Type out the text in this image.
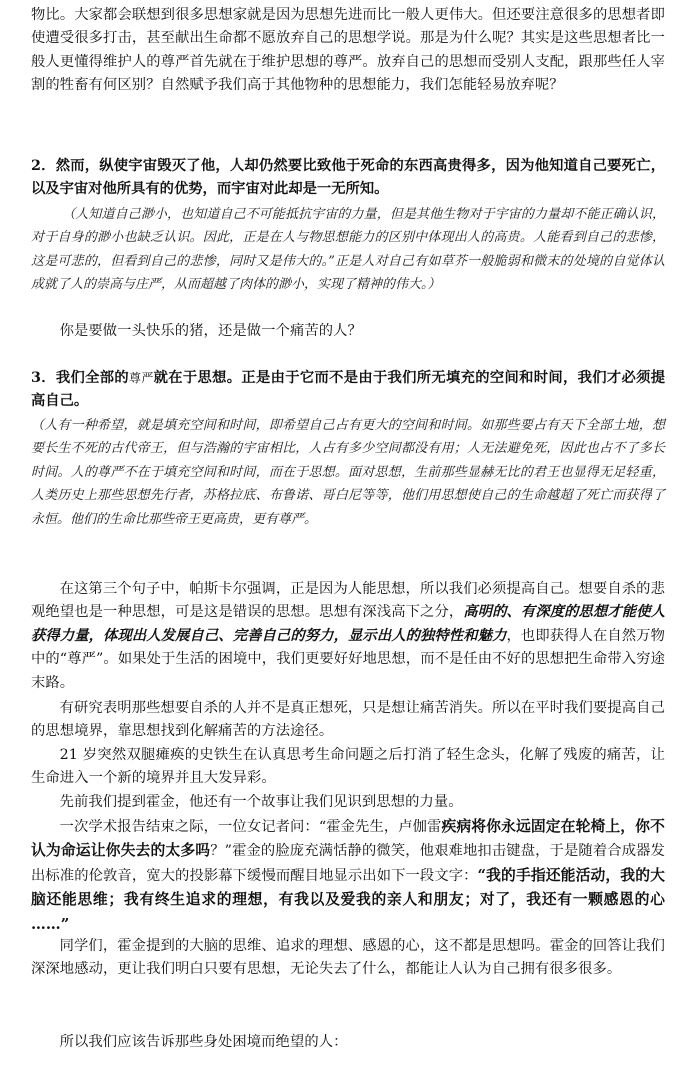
物比。大家都会联想到很多思想家就是因为思想先进而比一般人更伟大。但还要注意很多的思想者即使遭受很多打击，甚至献出生命都不愿放弃自己的思想学说。那是为什么呢？其实是这些思想者比一般人更懂得维护人的尊严首先就在于维护思想的尊严。放弃自己的思想而受别人支配，跟那些任人宰割的牲畜有何区别？自然赋予我们高于其他物种的思想能力，我们怎能轻易放弃呢？

2．然而，纵使宇宙毁灭了他，人却仍然要比致他于死命的东西高贵得多，因为他知道自己要死亡，以及宇宙对他所具有的优势，而宇宙对此却是一无所知。

（人知道自己渺小，也知道自己不可能抵抗宇宙的力量，但是其他生物对于宇宙的力量却不能正确认识，对于自身的渺小也缺乏认识。因此，正是在人与物思想能力的区别中体现出人的高贵。人能看到自己的悲惨，这是可悲的，但看到自己的悲惨，同时又是伟大的。”正是人对自己有如草芥一般脆弱和微末的处境的自觉体认成就了人的崇高与庄严，从而超越了肉体的渺小，实现了精神的伟大。）

你是要做一头快乐的猪，还是做一个痛苦的人？

3．我们全部的尊严就在于思想。正是由于它而不是由于我们所无填充的空间和时间，我们才必须提高自己。

（人有一种希望，就是填充空间和时间，即希望自己占有更大的空间和时间。如那些要占有天下全部土地，想要长生不死的古代帝王，但与浩瀚的宇宙相比，人占有多少空间都没有用；人无法避免死，因此也占不了多长时间。人的尊严不在于填充空间和时间，而在于思想。面对思想，生前那些显赫无比的君王也显得无足轻重，人类历史上那些思想先行者，苏格拉底、布鲁诺、哥白尼等等，他们用思想使自己的生命越超了死亡而获得了永恒。他们的生命比那些帝王更高贵，更有尊严。

在这第三个句子中，帕斯卡尔强调，正是因为人能思想，所以我们必须提高自己。想要自杀的悲观绝望也是一种思想，可是这是错误的思想。思想有深浅高下之分，高明的、有深度的思想才能使人获得力量，体现出人发展自己、完善自己的努力，显示出人的独特性和魅力，也即获得人在自然万物中的“尊严”。如果处于生活的困境中，我们更要好好地思想，而不是任由不好的思想把生命带入穷途末路。

有研究表明那些想要自杀的人并不是真正想死，只是想让痛苦消失。所以在平时我们要提高自己的思想境界，靠思想找到化解痛苦的方法途径。

21 岁突然双腿瘫痪的史铁生在认真思考生命问题之后打消了轻生念头，化解了残废的痛苦，让生命进入一个新的境界并且大发异彩。

先前我们提到霍金，他还有一个故事让我们见识到思想的力量。

一次学术报告结束之际，一位女记者问：“霍金先生，卢伽雷疾病将你永远固定在轮椅上，你不认为命运让你失去的太多吗？”霍金的脸庞充满恬静的微笑，他艰难地扣击键盘，于是随着合成器发出标准的伦敦音，宽大的投影幕下缓慢而醒目地显示出如下一段文字：“我的手指还能活动，我的大脑还能思维；我有终生追求的理想，有我以及爱我的亲人和朋友；对了，我还有一颗感恩的心 ……”

同学们，霍金提到的大脑的思维、追求的理想、感恩的心，这不都是思想吗。霍金的回答让我们深深地感动，更让我们明白只要有思想，无论失去了什么，都能让人认为自己拥有很多很多。

所以我们应该告诉那些身处困境而绝望的人：
